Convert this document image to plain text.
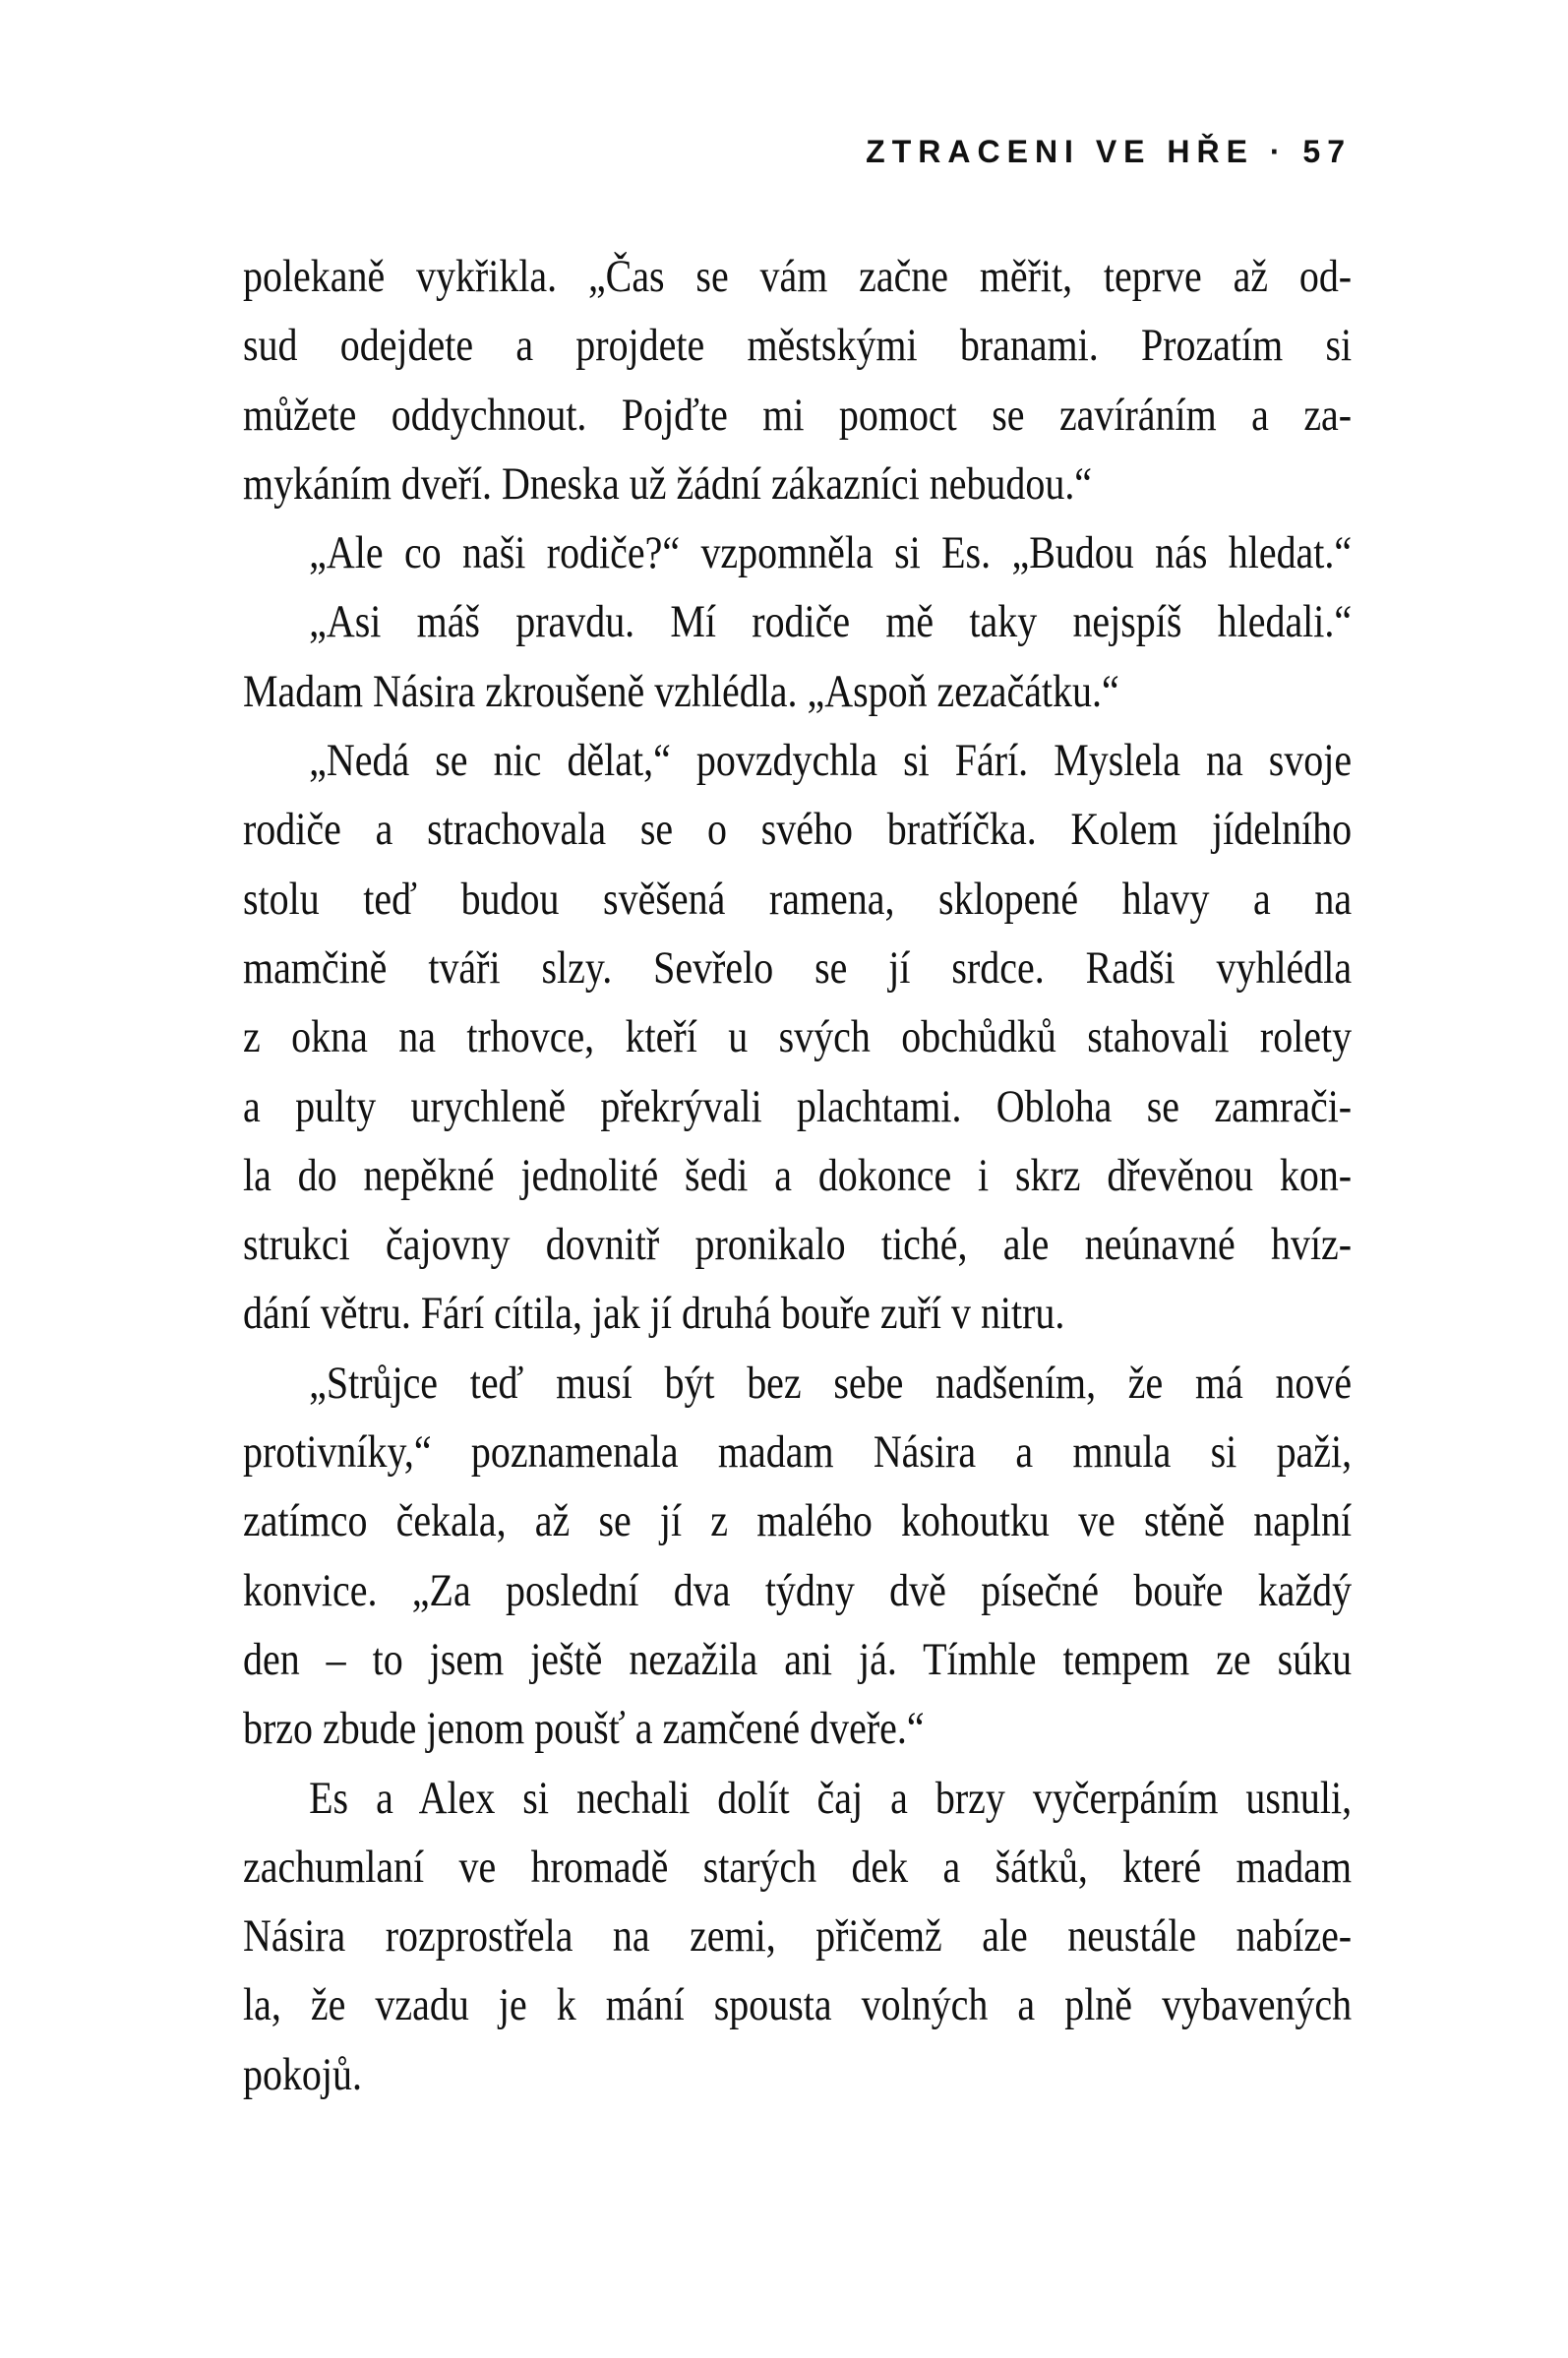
ZTRACENI VE HŘE · 57
polekaně vykřikla. „Čas se vám začne měřit, teprve až od-
sud odejdete a projdete městskými branami. Prozatím si
můžete oddychnout. Pojďte mi pomoct se zavíráním a za-
mykáním dveří. Dneska už žádní zákazníci nebudou.“
„Ale co naši rodiče?“ vzpomněla si Es. „Budou nás hledat.“
„Asi máš pravdu. Mí rodiče mě taky nejspíš hledali.“
Madam Násira zkroušeně vzhlédla. „Aspoň zezačátku.“
„Nedá se nic dělat,“ povzdychla si Fárí. Myslela na svoje
rodiče a strachovala se o svého bratříčka. Kolem jídelního
stolu teď budou svěšená ramena, sklopené hlavy a na
mamčině tváři slzy. Sevřelo se jí srdce. Radši vyhlédla
z okna na trhovce, kteří u svých obchůdků stahovali rolety
a pulty urychleně překrývali plachtami. Obloha se zamrači-
la do nepěkné jednolité šedi a dokonce i skrz dřevěnou kon-
strukci čajovny dovnitř pronikalo tiché, ale neúnavné hvíz-
dání větru. Fárí cítila, jak jí druhá bouře zuří v nitru.
„Strůjce teď musí být bez sebe nadšením, že má nové
protivníky,“ poznamenala madam Násira a mnula si paži,
zatímco čekala, až se jí z malého kohoutku ve stěně naplní
konvice. „Za poslední dva týdny dvě písečné bouře každý
den – to jsem ještě nezažila ani já. Tímhle tempem ze súku
brzo zbude jenom poušť a zamčené dveře.“
Es a Alex si nechali dolít čaj a brzy vyčerpáním usnuli,
zachumlaní ve hromadě starých dek a šátků, které madam
Násira rozprostřela na zemi, přičemž ale neustále nabíze-
la, že vzadu je k mání spousta volných a plně vybavených
pokojů.
